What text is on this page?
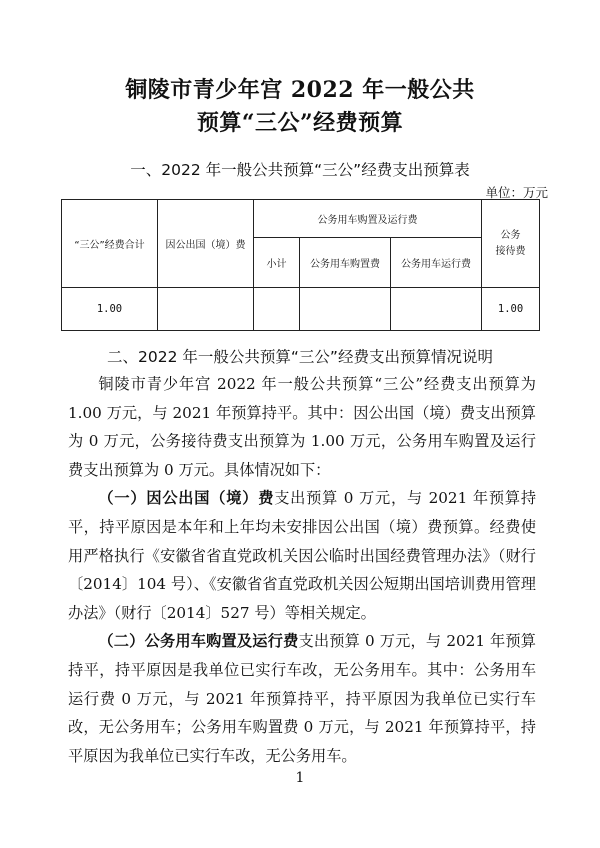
铜陵市青少年宫 2022 年一般公共
预算“三公”经费预算
一、2022 年一般公共预算“三公”经费支出预算表
单位：万元
“三公”经费合计	因公出国（境）费	公务用车购置及运行费			公务
接待费
		小计	公务用车购置费	公务用车运行费	
1.00					1.00
二、2022 年一般公共预算“三公”经费支出预算情况说明

铜陵市青少年宫 2022 年一般公共预算“三公”经费支出预算为 1.00 万元，与 2021 年预算持平。其中：因公出国（境）费支出预算为 0 万元，公务接待费支出预算为 1.00 万元，公务用车购置及运行费支出预算为 0 万元。具体情况如下：

（一）因公出国（境）费支出预算 0 万元，与 2021 年预算持平，持平原因是本年和上年均未安排因公出国（境）费预算。经费使用严格执行《安徽省省直党政机关因公临时出国经费管理办法》（财行〔2014〕104 号）、《安徽省省直党政机关因公短期出国培训费用管理办法》（财行〔2014〕527 号）等相关规定。

（二）公务用车购置及运行费支出预算 0 万元，与 2021 年预算持平，持平原因是我单位已实行车改，无公务用车。其中：公务用车运行费 0 万元，与 2021 年预算持平，持平原因为我单位已实行车改，无公务用车；公务用车购置费 0 万元，与 2021 年预算持平，持平原因为我单位已实行车改，无公务用车。

1
